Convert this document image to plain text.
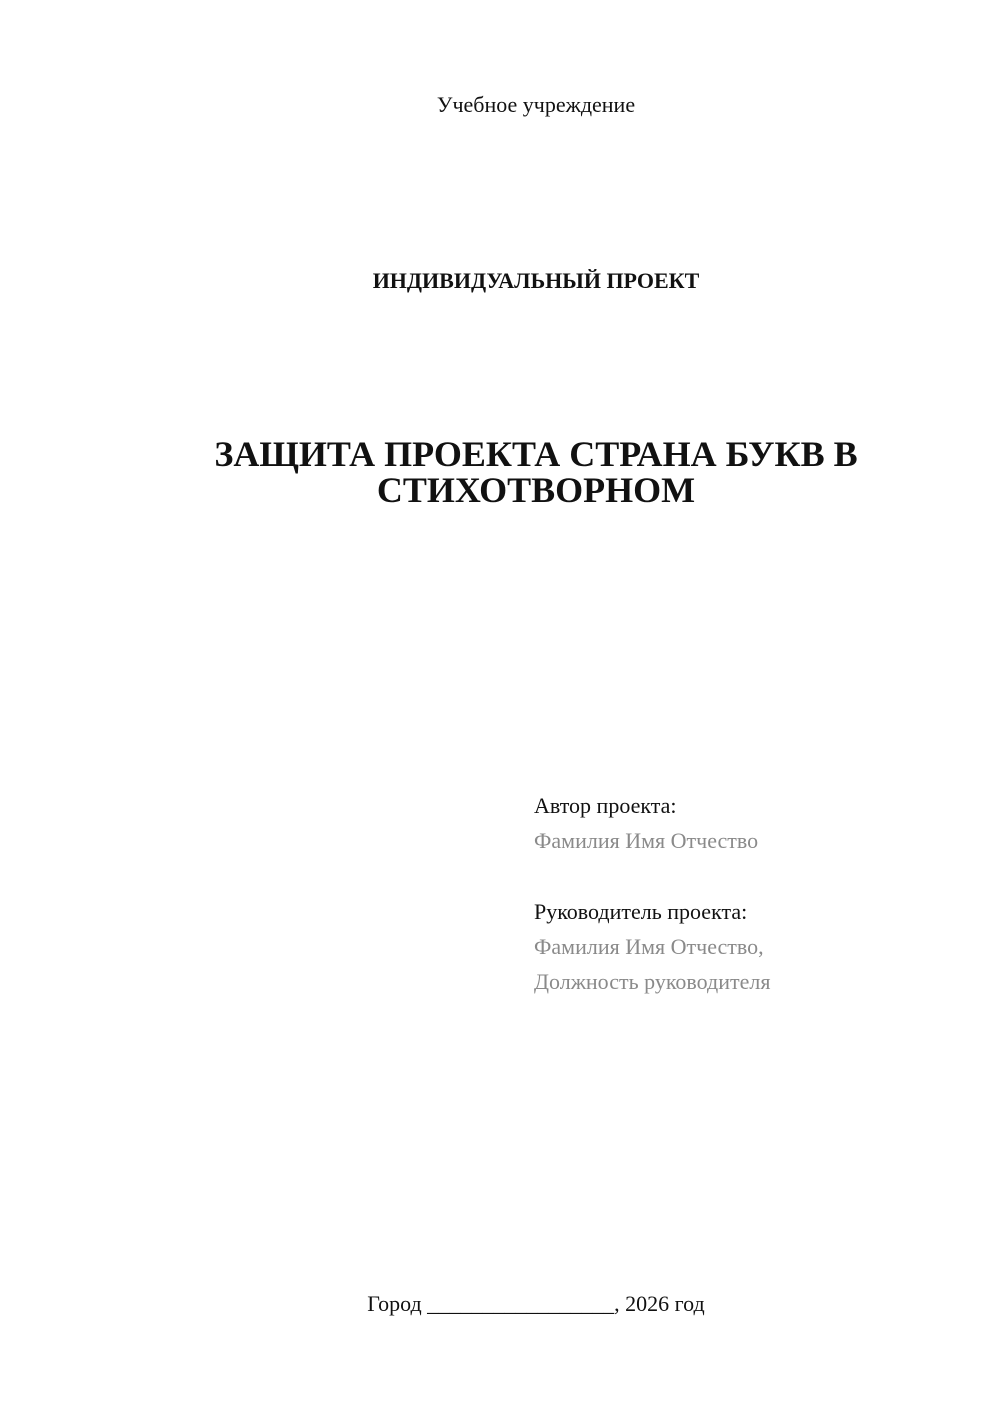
Учебное учреждение
ИНДИВИДУАЛЬНЫЙ ПРОЕКТ
ЗАЩИТА ПРОЕКТА СТРАНА БУКВ В
СТИХОТВОРНОМ
Автор проекта:
Фамилия Имя Отчество
Руководитель проекта:
Фамилия Имя Отчество,
Должность руководителя
Город _________________, 2026 год
